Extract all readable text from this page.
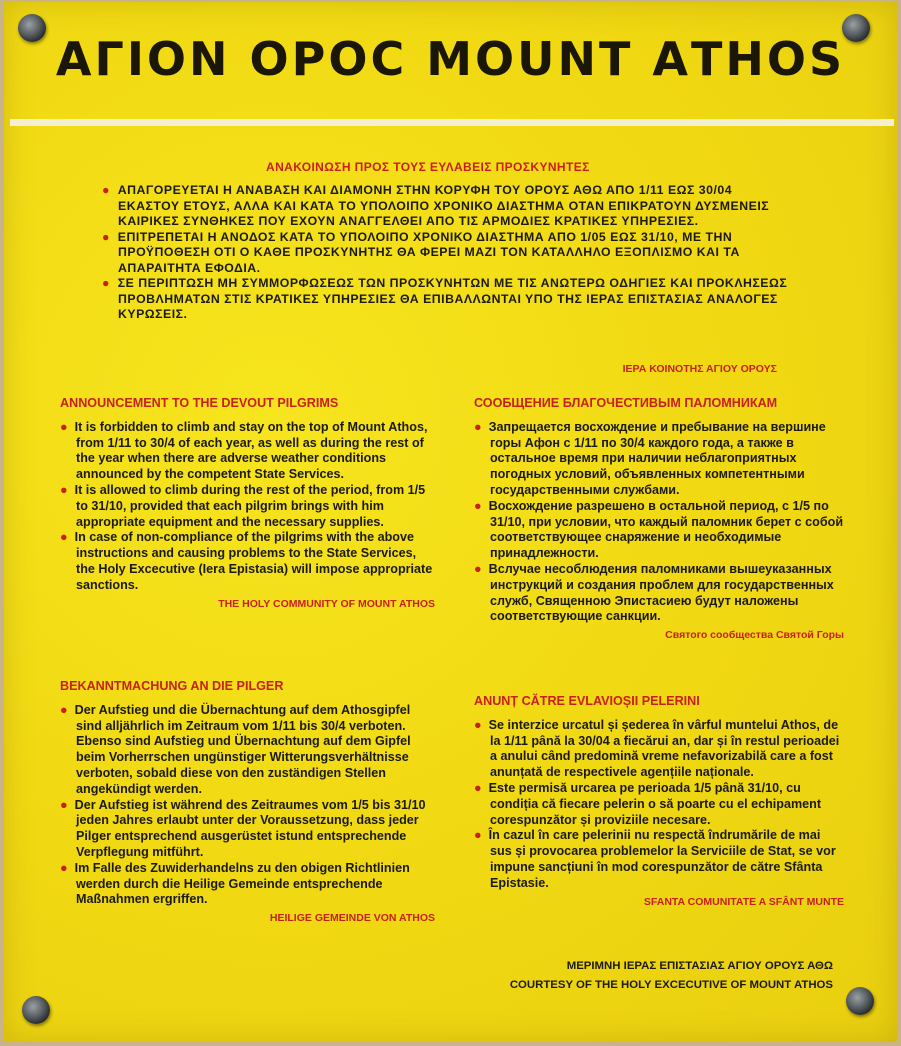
ΑΓΙΟΝ ΟΡΟC MOUNT ΑTHOS
ΑΝΑΚΟΙΝΩΣΗ ΠΡΟΣ ΤΟΥΣ ΕΥΛΑΒΕΙΣ ΠΡΟΣΚΥΝΗΤΕΣ

●  ΑΠΑΓΟΡΕΥΕΤΑΙ Η ΑΝΑΒΑΣΗ ΚΑΙ ΔΙΑΜΟΝΗ ΣΤΗΝ ΚΟΡΥΦΗ ΤΟΥ ΟΡΟΥΣ ΑΘΩ ΑΠΟ 1/11 ΕΩΣ 30/04 ΕΚΑΣΤΟΥ ΕΤΟΥΣ, ΑΛΛΑ ΚΑΙ ΚΑΤΑ ΤΟ ΥΠΟΛΟΙΠΟ ΧΡΟΝΙΚΟ ΔΙΑΣΤΗΜΑ ΟΤΑΝ ΕΠΙΚΡΑΤΟΥΝ ΔΥΣΜΕΝΕΙΣ ΚΑΙΡΙΚΕΣ ΣΥΝΘΗΚΕΣ ΠΟΥ ΕΧΟΥΝ ΑΝΑΓΓΕΛΘΕΙ ΑΠΟ ΤΙΣ ΑΡΜΟΔΙΕΣ ΚΡΑΤΙΚΕΣ ΥΠΗΡΕΣΙΕΣ.

●  ΕΠΙΤΡΕΠΕΤΑΙ Η ΑΝΟΔΟΣ ΚΑΤΑ ΤΟ ΥΠΟΛΟΙΠΟ ΧΡΟΝΙΚΟ ΔΙΑΣΤΗΜΑ ΑΠΟ 1/05 ΕΩΣ 31/10, ΜΕ ΤΗΝ ΠΡΟΫΠΟΘΕΣΗ ΟΤΙ Ο ΚΑΘΕ ΠΡΟΣΚΥΝΗΤΗΣ ΘΑ ΦΕΡΕΙ ΜΑΖΙ ΤΟΝ ΚΑΤΑΛΛΗΛΟ ΕΞΟΠΛΙΣΜΟ ΚΑΙ ΤΑ ΑΠΑΡΑΙΤΗΤΑ ΕΦΟΔΙΑ.

●  ΣΕ ΠΕΡΙΠΤΩΣΗ ΜΗ ΣΥΜΜΟΡΦΩΣΕΩΣ ΤΩΝ ΠΡΟΣΚΥΝΗΤΩΝ ΜΕ ΤΙΣ ΑΝΩΤΕΡΩ ΟΔΗΓΙΕΣ ΚΑΙ ΠΡΟΚΛΗΣΕΩΣ ΠΡΟΒΛΗΜΑΤΩΝ ΣΤΙΣ ΚΡΑΤΙΚΕΣ ΥΠΗΡΕΣΙΕΣ ΘΑ ΕΠΙΒΑΛΛΩΝΤΑΙ ΥΠΟ ΤΗΣ ΙΕΡΑΣ ΕΠΙΣΤΑΣΙΑΣ ΑΝΑΛΟΓΕΣ ΚΥΡΩΣΕΙΣ.

ΙΕΡΑ ΚΟΙΝΟΤΗΣ ΑΓΙΟΥ ΟΡΟΥΣ
ANNOUNCEMENT TO THE DEVOUT PILGRIMS

●  It is forbidden to climb and stay on the top of Mount Athos, from 1/11 to 30/4 of each year, as well as during the rest of the year when there are adverse weather conditions announced by the competent State Services.

●  It is allowed to climb during the rest of the period, from 1/5 to 31/10, provided that each pilgrim brings with him appropriate equipment and the necessary supplies.

●  In case of non-compliance of the pilgrims with the above instructions and causing problems to the State Services, the Holy Excecutive (Iera Epistasia) will impose appropriate sanctions.

THE HOLY COMMUNITY OF MOUNT ATHOS
СООБЩЕНИЕ БЛАГОЧЕСТИВЫМ ПАЛОМНИКАМ

●  Запрещается восхождение и пребывание на вершине горы Афон с 1/11 по 30/4 каждого года, а также в остальное время при наличии неблагоприятных погодных условий, объявленных компетентными государственными службами.

●  Восхождение разрешено в остальной период, с 1/5 по 31/10, при условии, что каждый паломник берет с собой соответствующее снаряжение и необходимые принадлежности.

●  Вслучае несоблюдения паломниками вышеуказанных инструкций и создания проблем для государственных служб, Священною Эпистасиею будут наложены соответствующие санкции.

Святого сообщества Святой Горы
BEKANNTMACHUNG AN DIE PILGER

●  Der Aufstieg und die Übernachtung auf dem Athosgipfel sind alljährlich im Zeitraum vom 1/11 bis 30/4 verboten. Ebenso sind Aufstieg und Übernachtung auf dem Gipfel beim Vorherrschen ungünstiger Witterungsverhältnisse verboten, sobald diese von den zuständigen Stellen angekündigt werden.

●  Der Aufstieg ist während des Zeitraumes vom 1/5 bis 31/10 jeden Jahres erlaubt unter der Voraussetzung, dass jeder Pilger entsprechend ausgerüstet istund entsprechende Verpflegung mitführt.

●  Im Falle des Zuwiderhandelns zu den obigen Richtlinien werden durch die Heilige Gemeinde entsprechende Maßnahmen ergriffen.

HEILIGE GEMEINDE VON ATHOS
ANUNȚ CĂTRE EVLAVIOȘII PELERINI

●  Se interzice urcatul și șederea în vârful muntelui Athos, de la 1/11 până la 30/04 a fiecărui an, dar și în restul perioadei a anului când predomină vreme nefavorizabilă care a fost anunțată de respectivele agențiile naționale.

●  Este permisă urcarea pe perioada 1/5 până 31/10, cu condiția că fiecare pelerin o să poarte cu el echipament corespunzător și proviziile necesare.

●  În cazul în care pelerinii nu respectă îndrumările de mai sus și provocarea problemelor la Serviciile de Stat, se vor impune sancțiuni în mod corespunzător de către Sfânta Epistasie.

SFANTA COMUNITATE A SFÂNT MUNTE
ΜΕΡΙΜΝΗ ΙΕΡΑΣ ΕΠΙΣΤΑΣΙΑΣ ΑΓΙΟΥ ΟΡΟΥΣ ΑΘΩ
COURTESY OF THE HOLY EXCECUTIVE OF MOUNT ATHOS
